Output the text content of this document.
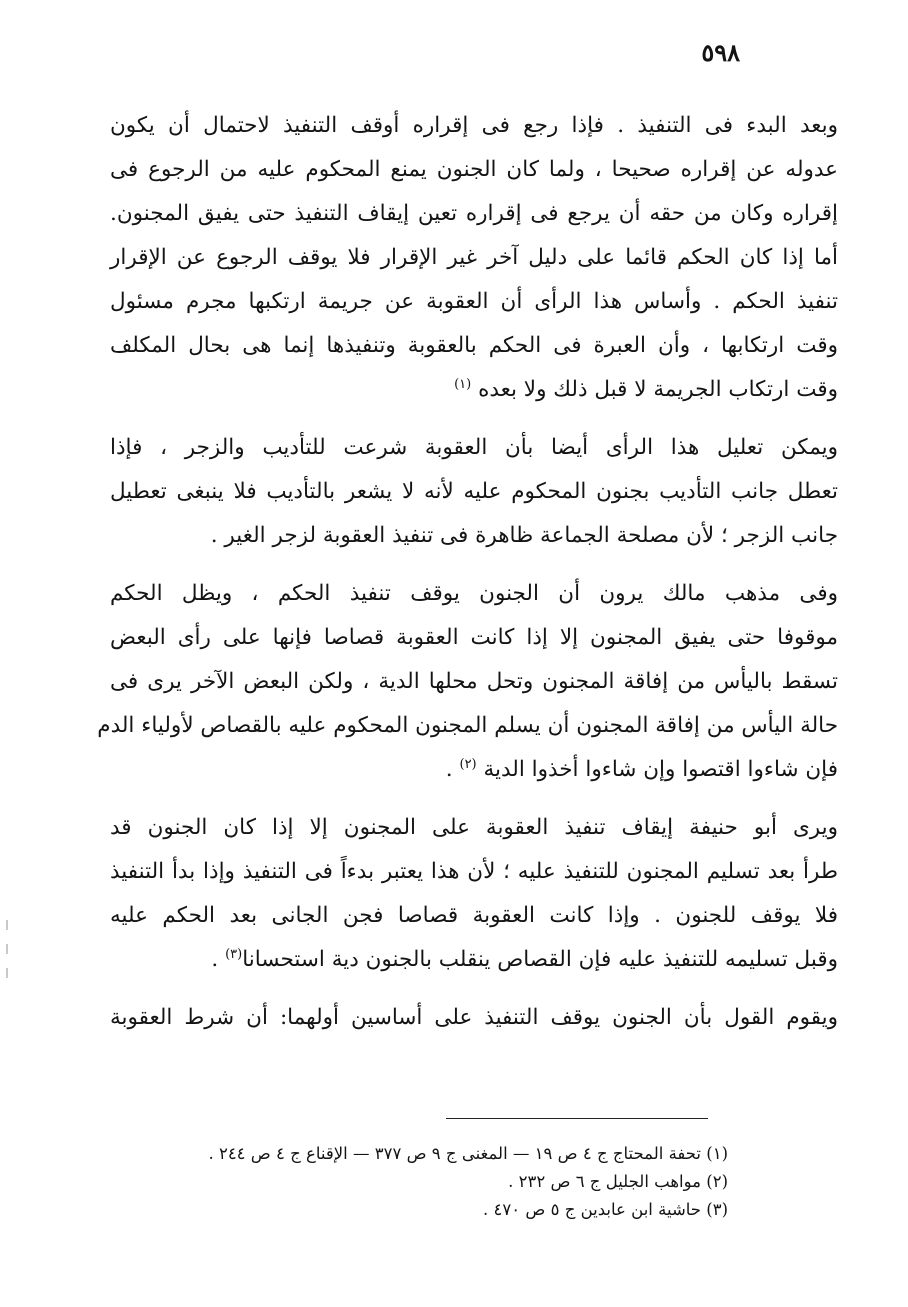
٥٩٨
وبعد البدء فى التنفيذ . فإذا رجع فى إقراره أوقف التنفيذ لاحتمال أن يكون
عدوله عن إقراره صحيحا ، ولما كان الجنون يمنع المحكوم عليه من الرجوع فى
إقراره وكان من حقه أن يرجع فى إقراره تعين إيقاف التنفيذ حتى يفيق المجنون.
أما إذا كان الحكم قائما على دليل آخر غير الإقرار فلا يوقف الرجوع عن الإقرار
تنفيذ الحكم . وأساس هذا الرأى أن العقوبة عن جريمة ارتكبها مجرم مسئول
وقت ارتكابها ، وأن العبرة فى الحكم بالعقوبة وتنفيذها إنما هى بحال المكلف
وقت ارتكاب الجريمة لا قبل ذلك ولا بعده $^{(١)}$
ويمكن تعليل هذا الرأى أيضا بأن العقوبة شرعت للتأديب والزجر ، فإذا
تعطل جانب التأديب بجنون المحكوم عليه لأنه لا يشعر بالتأديب فلا ينبغى تعطيل
جانب الزجر ؛ لأن مصلحة الجماعة ظاهرة فى تنفيذ العقوبة لزجر الغير .
وفى مذهب مالك يرون أن الجنون يوقف تنفيذ الحكم ، ويظل الحكم
موقوفا حتى يفيق المجنون إلا إذا كانت العقوبة قصاصا فإنها على رأى البعض
تسقط باليأس من إفاقة المجنون وتحل محلها الدية ، ولكن البعض الآخر يرى فى
حالة اليأس من إفاقة المجنون أن يسلم المجنون المحكوم عليه بالقصاص لأولياء الدم
فإن شاءوا اقتصوا وإن شاءوا أخذوا الدية $^{(٢)}$ .
ويرى أبو حنيفة إيقاف تنفيذ العقوبة على المجنون إلا إذا كان الجنون قد
طرأ بعد تسليم المجنون للتنفيذ عليه ؛ لأن هذا يعتبر بدءاً فى التنفيذ وإذا بدأ التنفيذ
فلا يوقف للجنون . وإذا كانت العقوبة قصاصا فجن الجانى بعد الحكم عليه
وقبل تسليمه للتنفيذ عليه فإن القصاص ينقلب بالجنون دية استحسانا$^{(٣)}$ .
ويقوم القول بأن الجنون يوقف التنفيذ على أساسين أولهما: أن شرط العقوبة
(١) تحفة المحتاج ج ٤ ص ١٩ — المغنى ج ٩ ص ٣٧٧ — الإقناع ج ٤ ص ٢٤٤ .
(٢) مواهب الجليل ج ٦ ص ٢٣٢ .
(٣) حاشية ابن عابدين ج ٥ ص ٤٧٠ .
